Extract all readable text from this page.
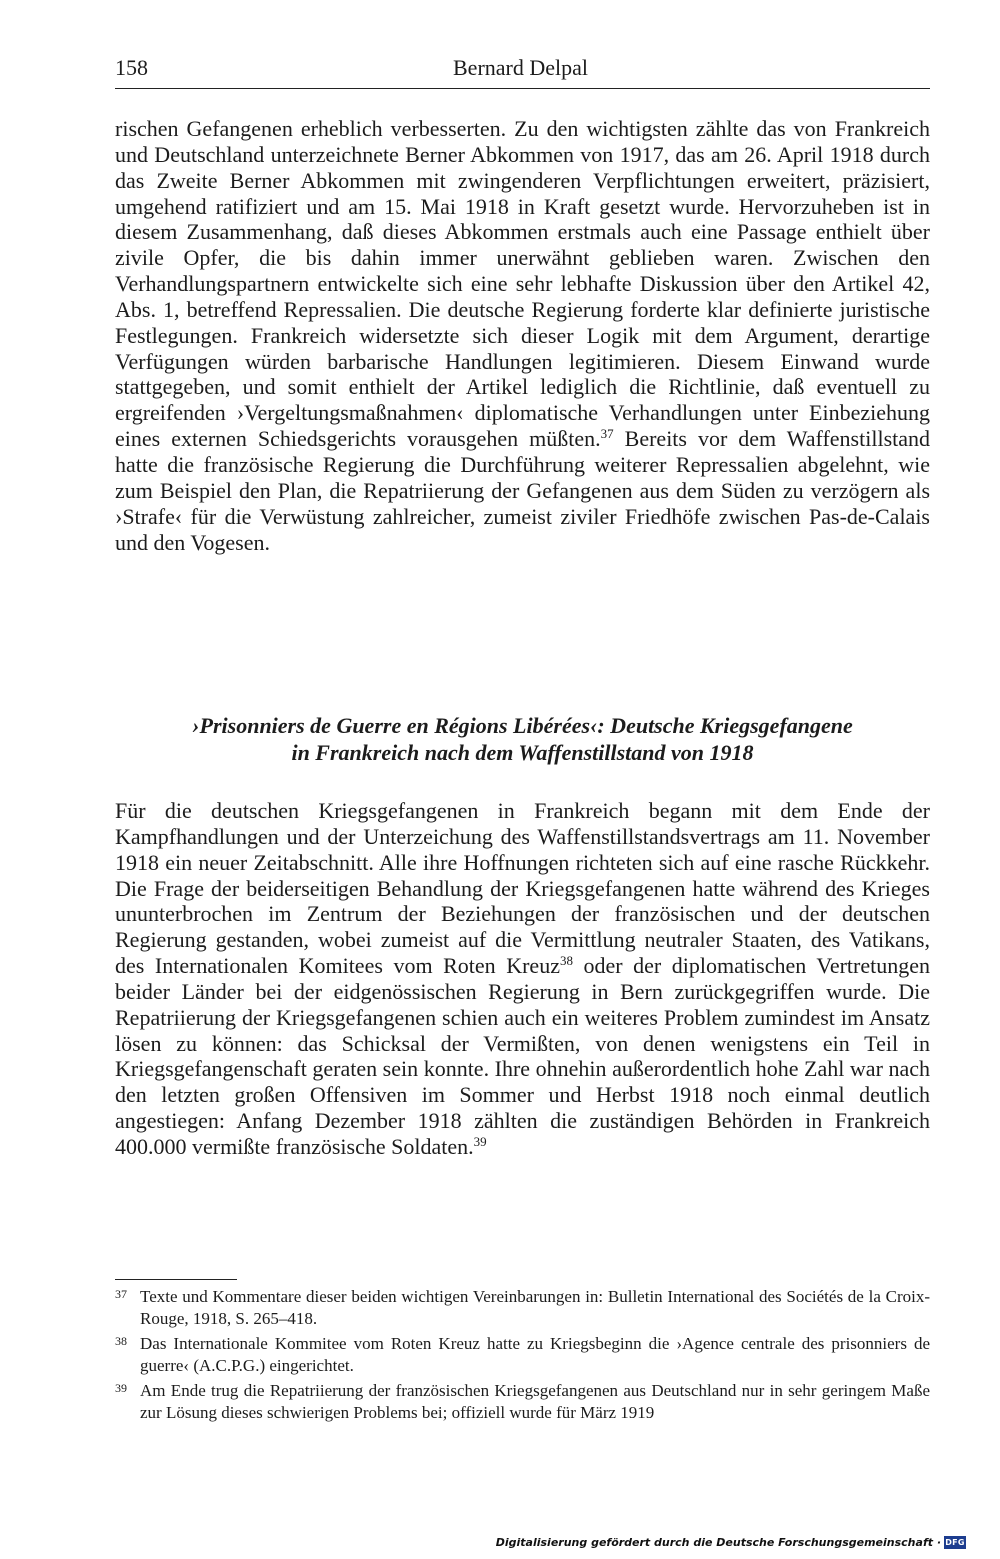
158	Bernard Delpal

rischen Gefangenen erheblich verbesserten. Zu den wichtigsten zählte das von Frankreich und Deutschland unterzeichnete Berner Abkommen von 1917, das am 26. April 1918 durch das Zweite Berner Abkommen mit zwingenderen Verpflichtungen erweitert, präzisiert, umgehend ratifiziert und am 15. Mai 1918 in Kraft gesetzt wurde. Hervorzuheben ist in diesem Zusammenhang, daß dieses Abkommen erstmals auch eine Passage enthielt über zivile Opfer, die bis dahin immer unerwähnt geblieben waren. Zwischen den Verhandlungspartnern entwickelte sich eine sehr lebhafte Diskussion über den Artikel 42, Abs. 1, betreffend Repressalien. Die deutsche Regierung forderte klar definierte juristische Festlegungen. Frankreich widersetzte sich dieser Logik mit dem Argument, derartige Verfügungen würden barbarische Handlungen legitimieren. Diesem Einwand wurde stattgegeben, und somit enthielt der Artikel lediglich die Richtlinie, daß eventuell zu ergreifenden ›Vergeltungsmaßnahmen‹ diplomatische Verhandlungen unter Einbeziehung eines externen Schiedsgerichts vorausgehen müßten.$^{37}$ Bereits vor dem Waffenstillstand hatte die französische Regierung die Durchführung weiterer Repressalien abgelehnt, wie zum Beispiel den Plan, die Repatriierung der Gefangenen aus dem Süden zu verzögern als ›Strafe‹ für die Verwüstung zahlreicher, zumeist ziviler Friedhöfe zwischen Pas-de-Calais und den Vogesen.

›Prisonniers de Guerre en Régions Libérées‹: Deutsche Kriegsgefangene
in Frankreich nach dem Waffenstillstand von 1918

Für die deutschen Kriegsgefangenen in Frankreich begann mit dem Ende der Kampfhandlungen und der Unterzeichung des Waffenstillstandsvertrags am 11. November 1918 ein neuer Zeitabschnitt. Alle ihre Hoffnungen richteten sich auf eine rasche Rückkehr. Die Frage der beiderseitigen Behandlung der Kriegsgefangenen hatte während des Krieges ununterbrochen im Zentrum der Beziehungen der französischen und der deutschen Regierung gestanden, wobei zumeist auf die Vermittlung neutraler Staaten, des Vatikans, des Internationalen Komitees vom Roten Kreuz$^{38}$ oder der diplomatischen Vertretungen beider Länder bei der eidgenössischen Regierung in Bern zurückgegriffen wurde. Die Repatriierung der Kriegsgefangenen schien auch ein weiteres Problem zumindest im Ansatz lösen zu können: das Schicksal der Vermißten, von denen wenigstens ein Teil in Kriegsgefangenschaft geraten sein konnte. Ihre ohnehin außerordentlich hohe Zahl war nach den letzten großen Offensiven im Sommer und Herbst 1918 noch einmal deutlich angestiegen: Anfang Dezember 1918 zählten die zuständigen Behörden in Frankreich 400.000 vermißte französische Soldaten.$^{39}$

37 Texte und Kommentare dieser beiden wichtigen Vereinbarungen in: Bulletin International des Sociétés de la Croix-Rouge, 1918, S. 265–418.

38 Das Internationale Kommitee vom Roten Kreuz hatte zu Kriegsbeginn die ›Agence centrale des prisonniers de guerre‹ (A.C.P.G.) eingerichtet.

39 Am Ende trug die Repatriierung der französischen Kriegsgefangenen aus Deutschland nur in sehr geringem Maße zur Lösung dieses schwierigen Problems bei; offiziell wurde für März 1919

Digitalisierung gefördert durch die Deutsche Forschungsgemeinschaft · DFG
